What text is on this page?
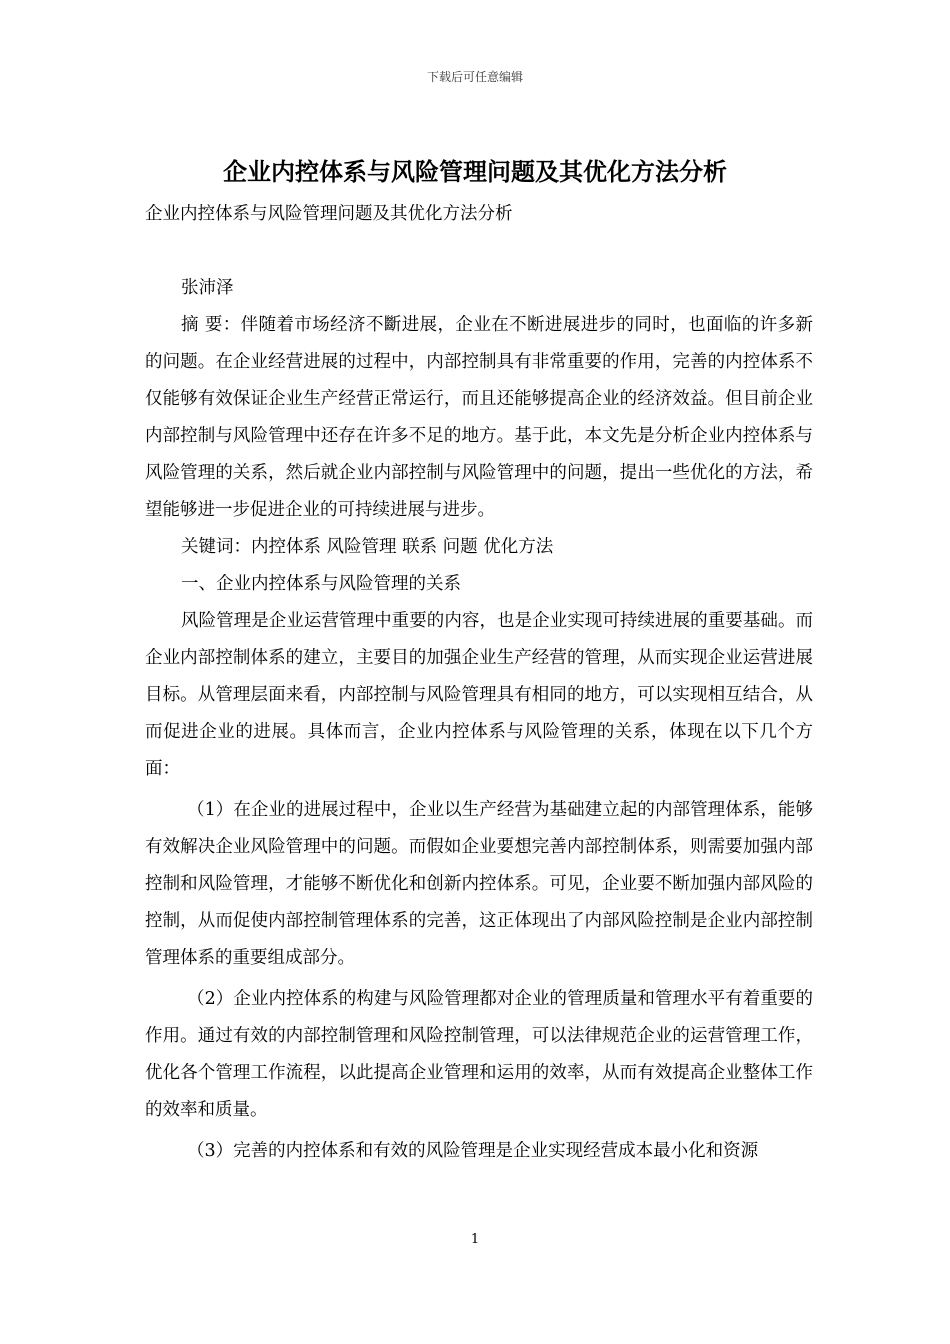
下载后可任意编辑
企业内控体系与风险管理问题及其优化方法分析

企业内控体系与风险管理问题及其优化方法分析

张沛泽

摘 要：伴随着市场经济不斷进展，企业在不断进展进步的同时，也面临的许多新的问题。在企业经营进展的过程中，内部控制具有非常重要的作用，完善的内控体系不仅能够有效保证企业生产经营正常运行，而且还能够提高企业的经济效益。但目前企业内部控制与风险管理中还存在许多不足的地方。基于此，本文先是分析企业内控体系与风险管理的关系，然后就企业内部控制与风险管理中的问题，提出一些优化的方法，希望能够进一步促进企业的可持续进展与进步。

关键词：内控体系 风险管理 联系 问题 优化方法

一、企业内控体系与风险管理的关系

风险管理是企业运营管理中重要的内容，也是企业实现可持续进展的重要基础。而企业内部控制体系的建立，主要目的加强企业生产经营的管理，从而实现企业运营进展目标。从管理层面来看，内部控制与风险管理具有相同的地方，可以实现相互结合，从而促进企业的进展。具体而言，企业内控体系与风险管理的关系，体现在以下几个方面：

（1）在企业的进展过程中，企业以生产经营为基础建立起的内部管理体系，能够有效解决企业风险管理中的问题。而假如企业要想完善内部控制体系，则需要加强内部控制和风险管理，才能够不断优化和创新内控体系。可见，企业要不断加强内部风险的控制，从而促使内部控制管理体系的完善，这正体现出了内部风险控制是企业内部控制管理体系的重要组成部分。

（2）企业内控体系的构建与风险管理都对企业的管理质量和管理水平有着重要的作用。通过有效的内部控制管理和风险控制管理，可以法律规范企业的运营管理工作，优化各个管理工作流程，以此提高企业管理和运用的效率，从而有效提高企业整体工作的效率和质量。

（3）完善的内控体系和有效的风险管理是企业实现经营成本最小化和资源

1
